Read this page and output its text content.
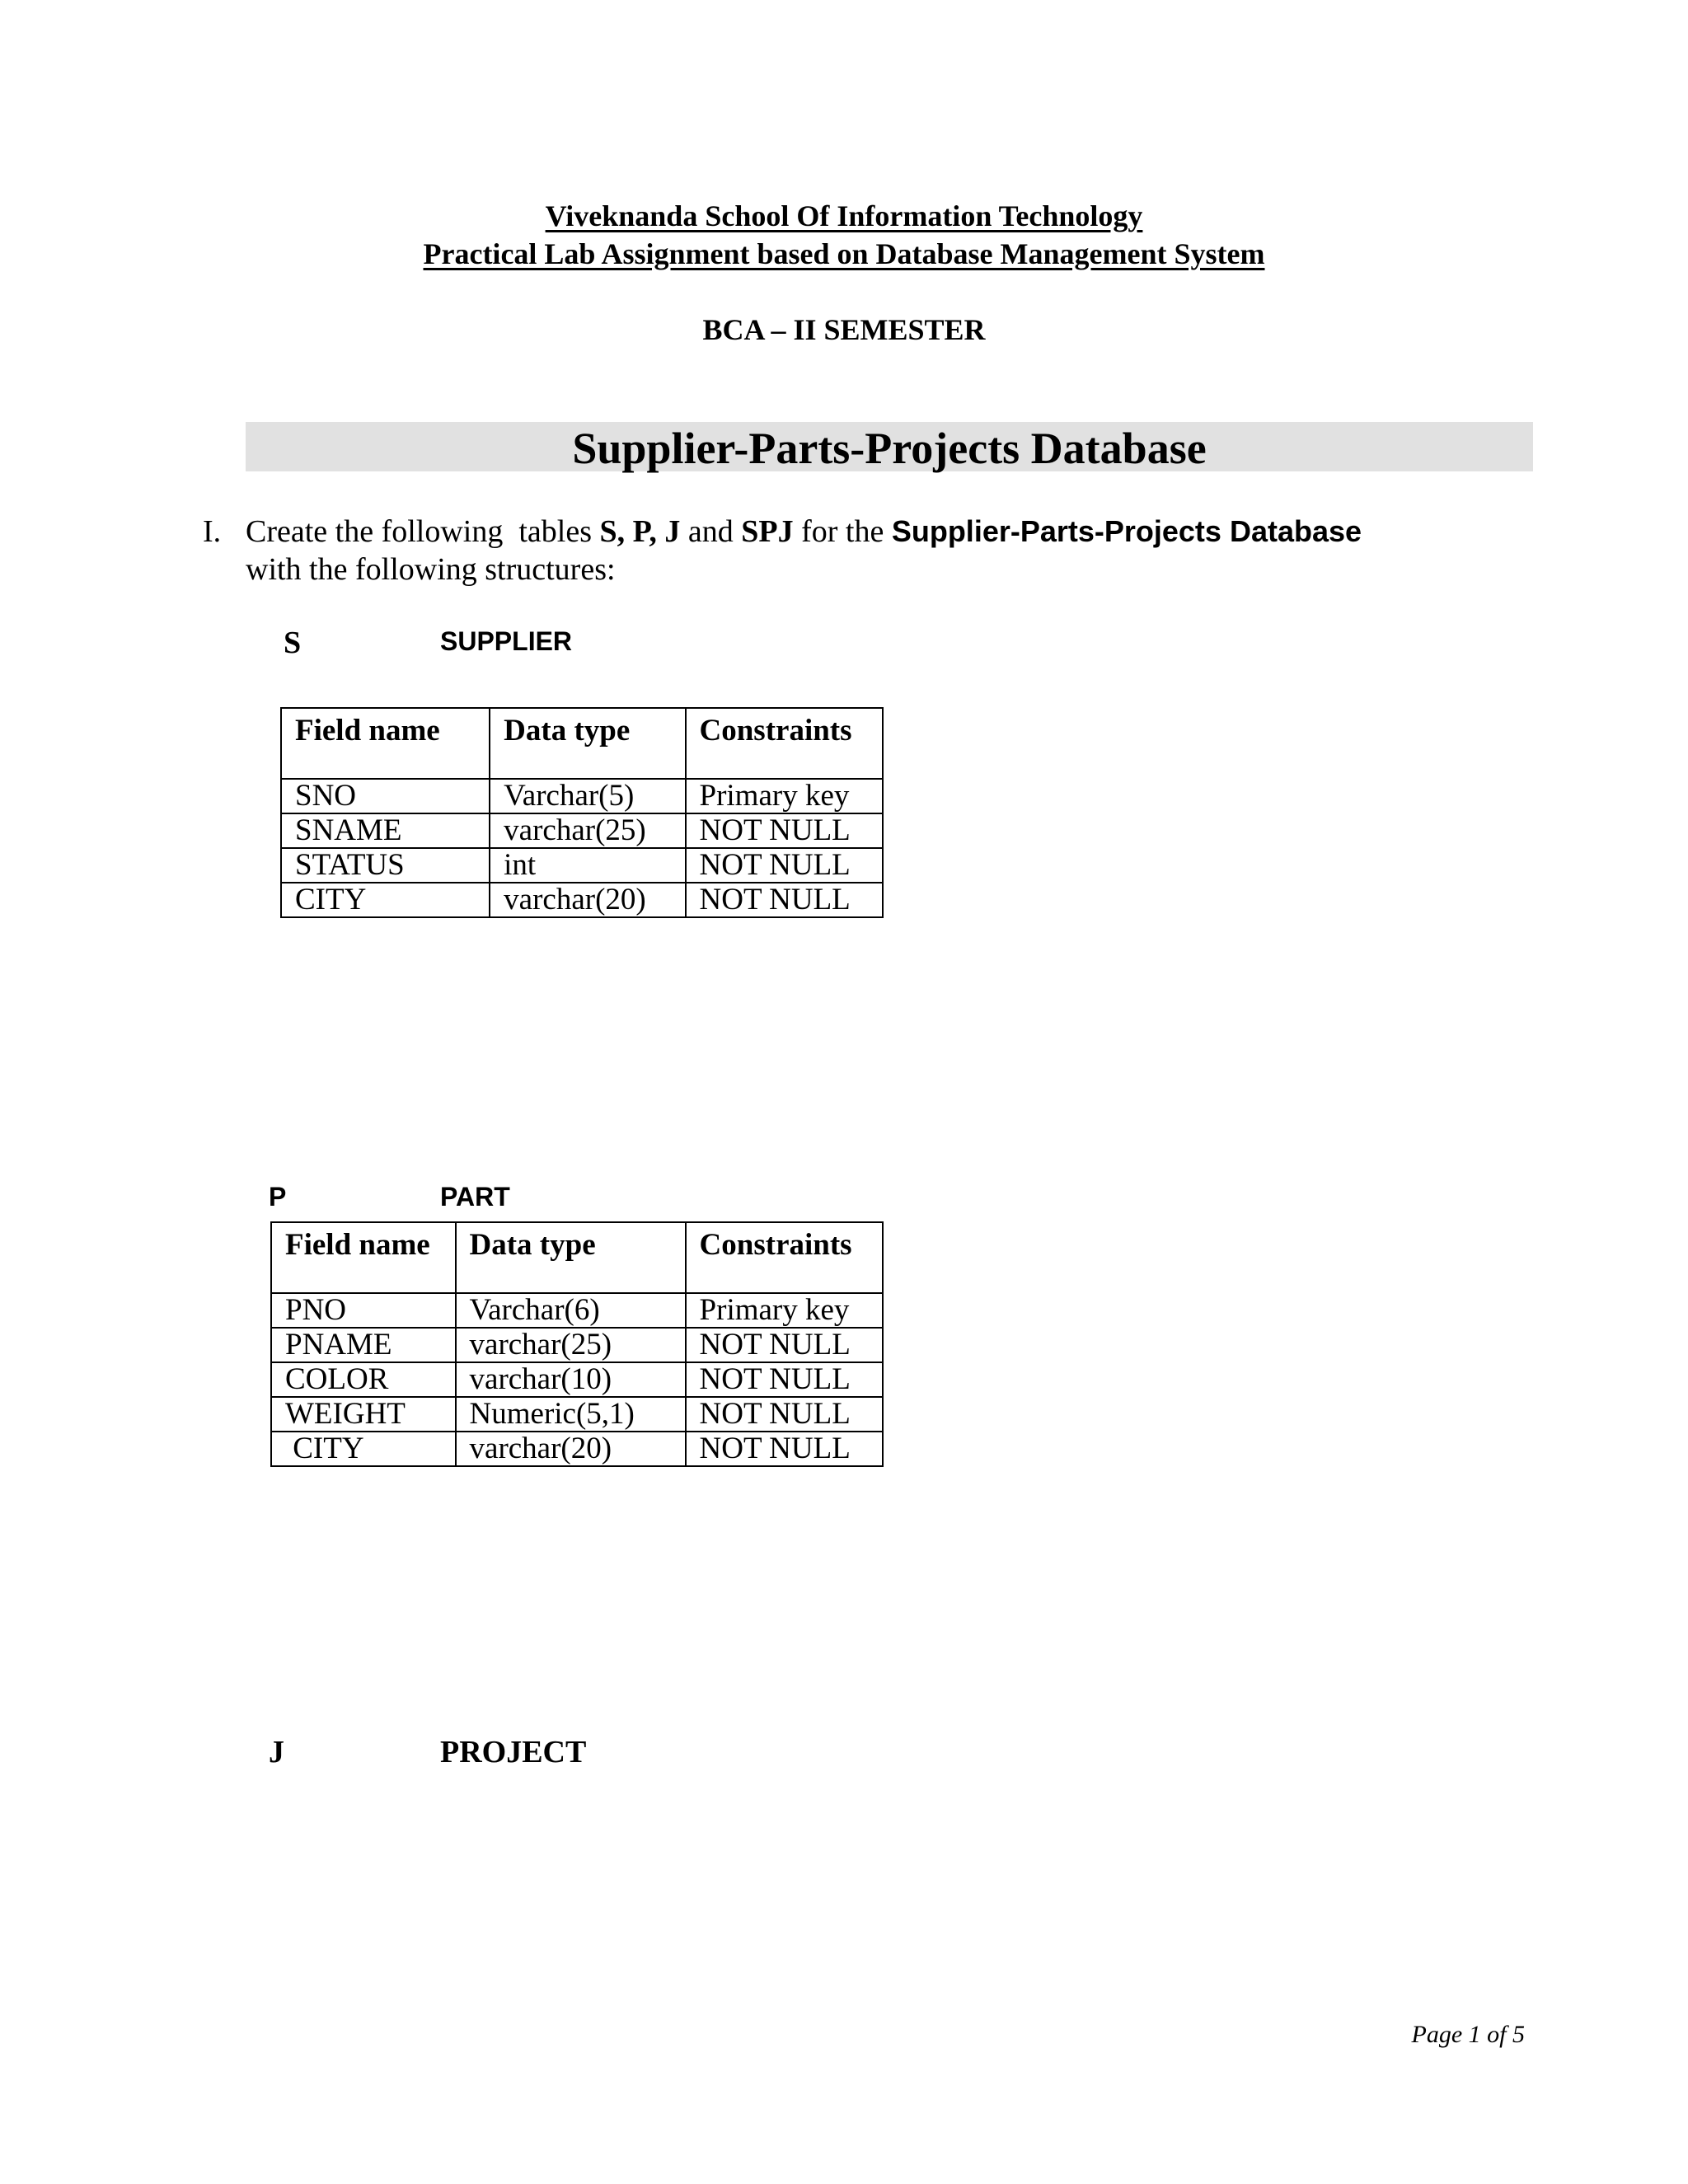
Viveknanda School Of Information Technology
Practical Lab Assignment based on Database Management System
BCA – II SEMESTER
Supplier-Parts-Projects Database
I. Create the following  tables S, P, J and SPJ for the Supplier-Parts-Projects Database
with the following structures:
S	SUPPLIER
Field name	Data type	Constraints
SNO	Varchar(5)	Primary key
SNAME	varchar(25)	NOT NULL
STATUS	int	NOT NULL
CITY	varchar(20)	NOT NULL
P	PART
Field name	Data type	Constraints
PNO	Varchar(6)	Primary key
PNAME	varchar(25)	NOT NULL
COLOR	varchar(10)	NOT NULL
WEIGHT	Numeric(5,1)	NOT NULL
CITY	varchar(20)	NOT NULL
J	PROJECT
Page 1 of 5
